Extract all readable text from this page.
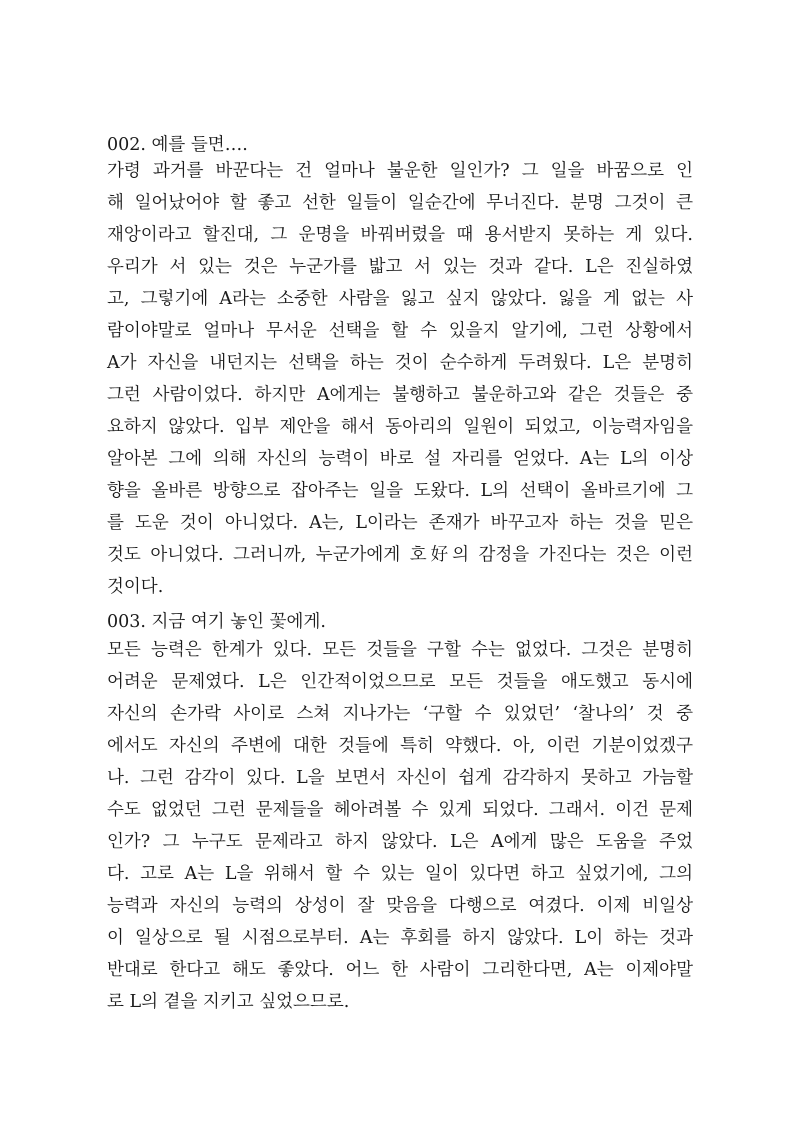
002. 예를 들면….

가령 과거를 바꾼다는 건 얼마나 불운한 일인가? 그 일을 바꿈으로 인

해 일어났어야 할 좋고 선한 일들이 일순간에 무너진다. 분명 그것이 큰

재앙이라고 할진대, 그 운명을 바꿔버렸을 때 용서받지 못하는 게 있다.

우리가 서 있는 것은 누군가를 밟고 서 있는 것과 같다. L은 진실하였

고, 그렇기에 A라는 소중한 사람을 잃고 싶지 않았다. 잃을 게 없는 사

람이야말로 얼마나 무서운 선택을 할 수 있을지 알기에, 그런 상황에서

A가 자신을 내던지는 선택을 하는 것이 순수하게 두려웠다. L은 분명히

그런 사람이었다. 하지만 A에게는 불행하고 불운하고와 같은 것들은 중

요하지 않았다. 입부 제안을 해서 동아리의 일원이 되었고, 이능력자임을

알아본 그에 의해 자신의 능력이 바로 설 자리를 얻었다. A는 L의 이상

향을 올바른 방향으로 잡아주는 일을 도왔다. L의 선택이 올바르기에 그

를 도운 것이 아니었다. A는, L이라는 존재가 바꾸고자 하는 것을 믿은

것도 아니었다. 그러니까, 누군가에게 호好의 감정을 가진다는 것은 이런

것이다.

003. 지금 여기 놓인 꽃에게.

모든 능력은 한계가 있다. 모든 것들을 구할 수는 없었다. 그것은 분명히

어려운 문제였다. L은 인간적이었으므로 모든 것들을 애도했고 동시에

자신의 손가락 사이로 스쳐 지나가는 ‘구할 수 있었던’ ‘찰나의’ 것 중

에서도 자신의 주변에 대한 것들에 특히 약했다. 아, 이런 기분이었겠구

나. 그런 감각이 있다. L을 보면서 자신이 쉽게 감각하지 못하고 가늠할

수도 없었던 그런 문제들을 헤아려볼 수 있게 되었다. 그래서. 이건 문제

인가? 그 누구도 문제라고 하지 않았다. L은 A에게 많은 도움을 주었

다. 고로 A는 L을 위해서 할 수 있는 일이 있다면 하고 싶었기에, 그의

능력과 자신의 능력의 상성이 잘 맞음을 다행으로 여겼다. 이제 비일상

이 일상으로 될 시점으로부터. A는 후회를 하지 않았다. L이 하는 것과

반대로 한다고 해도 좋았다. 어느 한 사람이 그리한다면, A는 이제야말

로 L의 곁을 지키고 싶었으므로.
